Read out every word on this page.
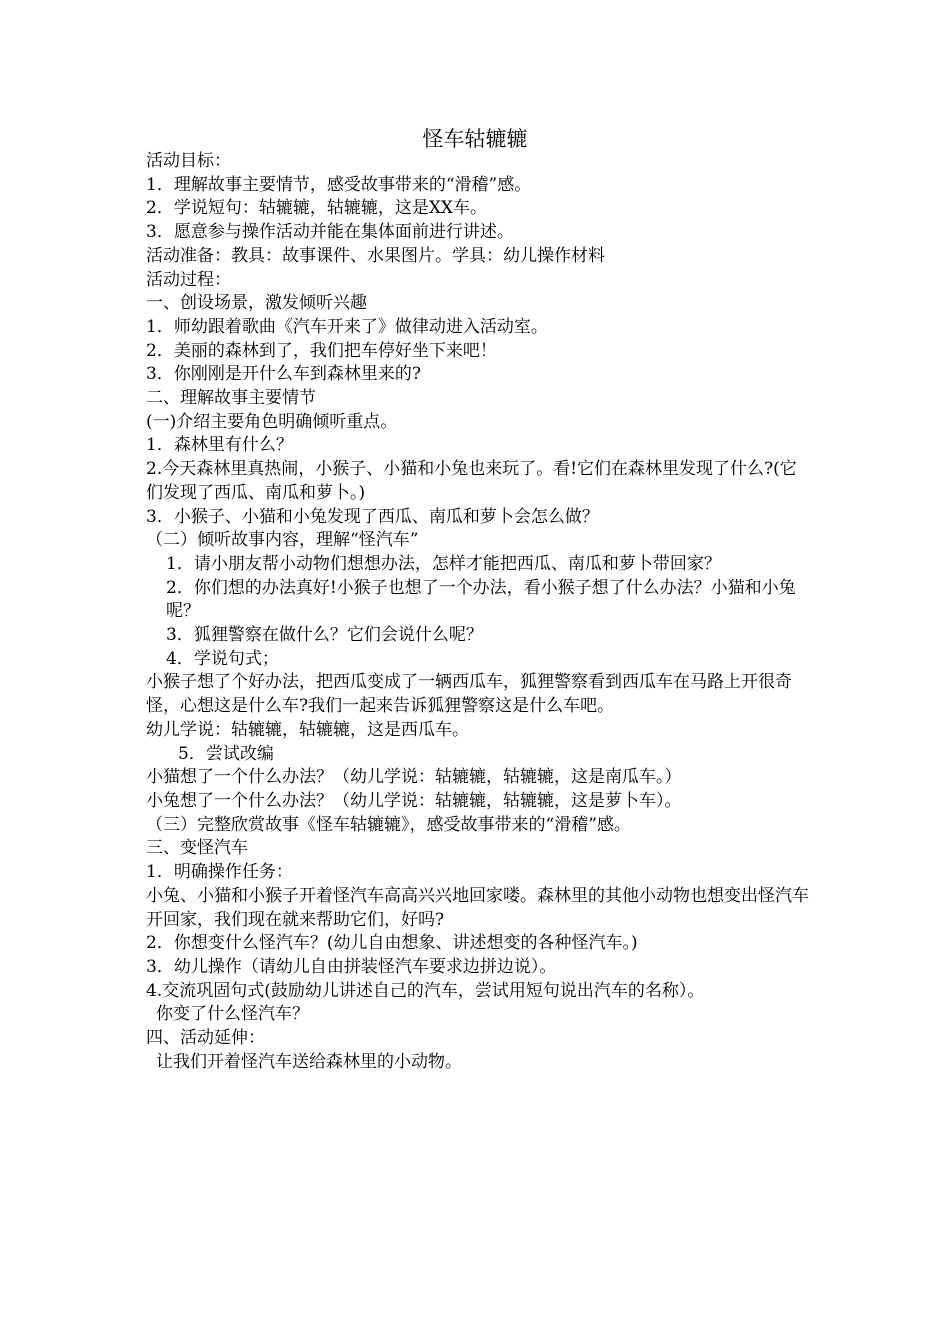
怪车轱辘辘

活动目标：

1．理解故事主要情节，感受故事带来的“滑稽”感。

2．学说短句：轱辘辘，轱辘辘，这是XX车。

3．愿意参与操作活动并能在集体面前进行讲述。

活动准备：教具：故事课件、水果图片。学具：幼儿操作材料

活动过程：

一、创设场景，激发倾听兴趣

1．师幼跟着歌曲《汽车开来了》做律动进入活动室。

2．美丽的森林到了，我们把车停好坐下来吧！

3．你刚刚是开什么车到森林里来的?

二、理解故事主要情节

(一)介绍主要角色明确倾听重点。

1．森林里有什么？

2.今天森林里真热闹，小猴子、小猫和小兔也来玩了。看!它们在森林里发现了什么?(它们发现了西瓜、南瓜和萝卜。)

3．小猴子、小猫和小兔发现了西瓜、南瓜和萝卜会怎么做？

（二）倾听故事内容，理解“怪汽车”

1．请小朋友帮小动物们想想办法，怎样才能把西瓜、南瓜和萝卜带回家？

2．你们想的办法真好!小猴子也想了一个办法，看小猴子想了什么办法？小猫和小兔呢？

3．狐狸警察在做什么？它们会说什么呢？

4．学说句式；

小猴子想了个好办法，把西瓜变成了一辆西瓜车，狐狸警察看到西瓜车在马路上开很奇怪，心想这是什么车?我们一起来告诉狐狸警察这是什么车吧。

幼儿学说：轱辘辘，轱辘辘，这是西瓜车。

5．尝试改编

小猫想了一个什么办法？（幼儿学说：轱辘辘，轱辘辘，这是南瓜车。）

小兔想了一个什么办法？（幼儿学说：轱辘辘，轱辘辘，这是萝卜车）。

（三）完整欣赏故事《怪车轱辘辘》，感受故事带来的“滑稽”感。

三、变怪汽车

1．明确操作任务：

小兔、小猫和小猴子开着怪汽车高高兴兴地回家喽。森林里的其他小动物也想变出怪汽车开回家，我们现在就来帮助它们，好吗?

2．你想变什么怪汽车？(幼儿自由想象、讲述想变的各种怪汽车。)

3．幼儿操作（请幼儿自由拼装怪汽车要求边拼边说）。

4.交流巩固句式(鼓励幼儿讲述自己的汽车，尝试用短句说出汽车的名称）。

你变了什么怪汽车？

四、活动延伸：

让我们开着怪汽车送给森林里的小动物。
